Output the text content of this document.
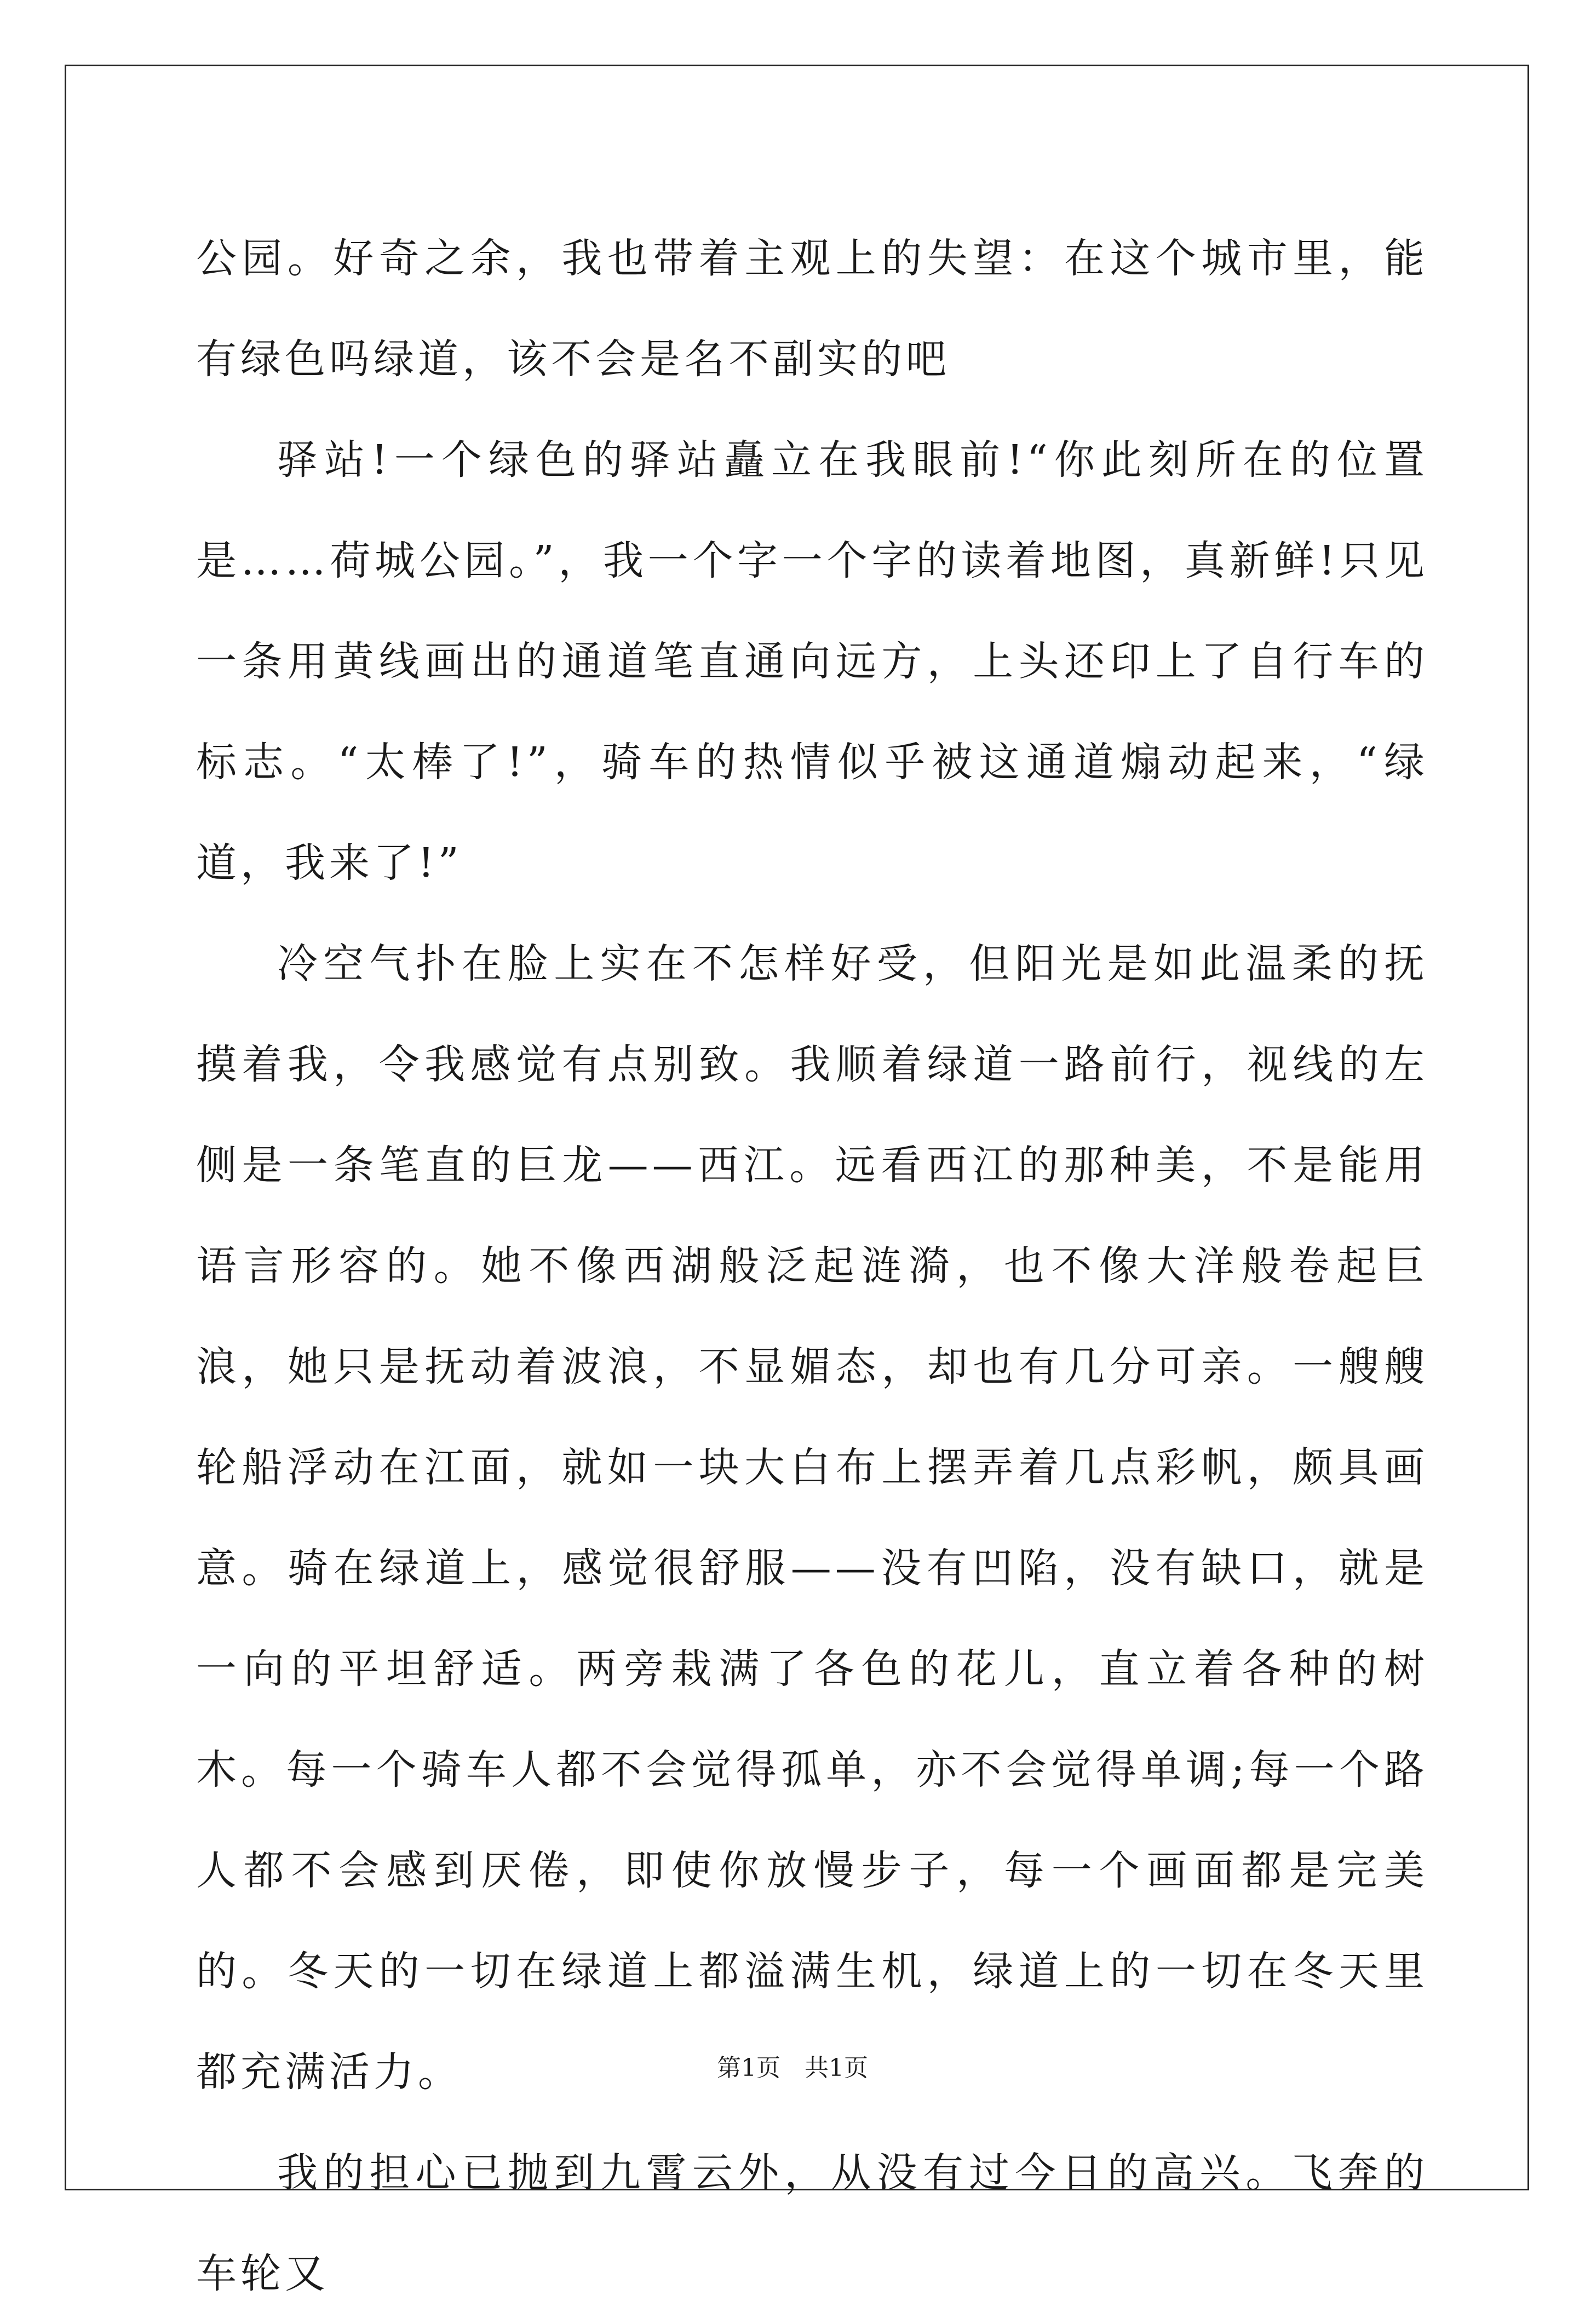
公园。好奇之余，我也带着主观上的失望：在这个城市里，能有绿色吗绿道，该不会是名不副实的吧

驿站!一个绿色的驿站矗立在我眼前!“你此刻所在的位置是……荷城公园。”，我一个字一个字的读着地图，真新鲜!只见一条用黄线画出的通道笔直通向远方，上头还印上了自行车的标志。“太棒了!”，骑车的热情似乎被这通道煽动起来，“绿道，我来了!”

冷空气扑在脸上实在不怎样好受，但阳光是如此温柔的抚摸着我，令我感觉有点别致。我顺着绿道一路前行，视线的左侧是一条笔直的巨龙——西江。远看西江的那种美，不是能用语言形容的。她不像西湖般泛起涟漪，也不像大洋般卷起巨浪，她只是抚动着波浪，不显媚态，却也有几分可亲。一艘艘轮船浮动在江面，就如一块大白布上摆弄着几点彩帆，颇具画意。骑在绿道上，感觉很舒服——没有凹陷，没有缺口，就是一向的平坦舒适。两旁栽满了各色的花儿，直立着各种的树木。每一个骑车人都不会觉得孤单，亦不会觉得单调;每一个路人都不会感到厌倦，即使你放慢步子，每一个画面都是完美的。冬天的一切在绿道上都溢满生机，绿道上的一切在冬天里都充满活力。

我的担心已抛到九霄云外，从没有过今日的高兴。飞奔的车轮又

第1页　共1页
